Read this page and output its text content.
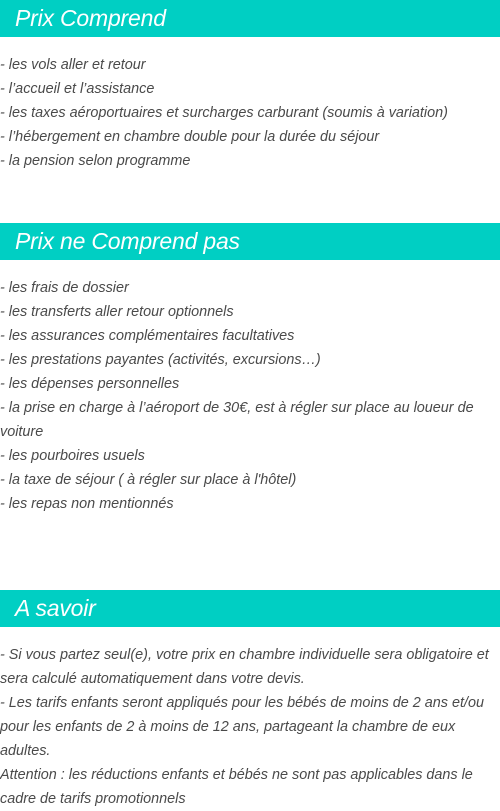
Prix Comprend
- les vols aller et retour
- l’accueil et l’assistance
- les taxes aéroportuaires et surcharges carburant (soumis à variation)
- l’hébergement en chambre double pour la durée du séjour
- la pension selon programme
Prix ne Comprend pas
- les frais de dossier
- les transferts aller retour optionnels
- les assurances complémentaires facultatives
- les prestations payantes (activités, excursions…)
- les dépenses personnelles
- la prise en charge à l’aéroport de 30€, est à régler sur place au loueur de voiture
- les pourboires usuels
- la taxe de séjour ( à régler sur place à l'hôtel)
- les repas non mentionnés
A savoir
- Si vous partez seul(e), votre prix en chambre individuelle sera obligatoire et sera calculé automatiquement dans votre devis.
- Les tarifs enfants seront appliqués pour les bébés de moins de 2 ans et/ou pour les enfants de 2 à moins de 12 ans, partageant la chambre de eux adultes.
Attention : les réductions enfants et bébés ne sont pas applicables dans le cadre de tarifs promotionnels
